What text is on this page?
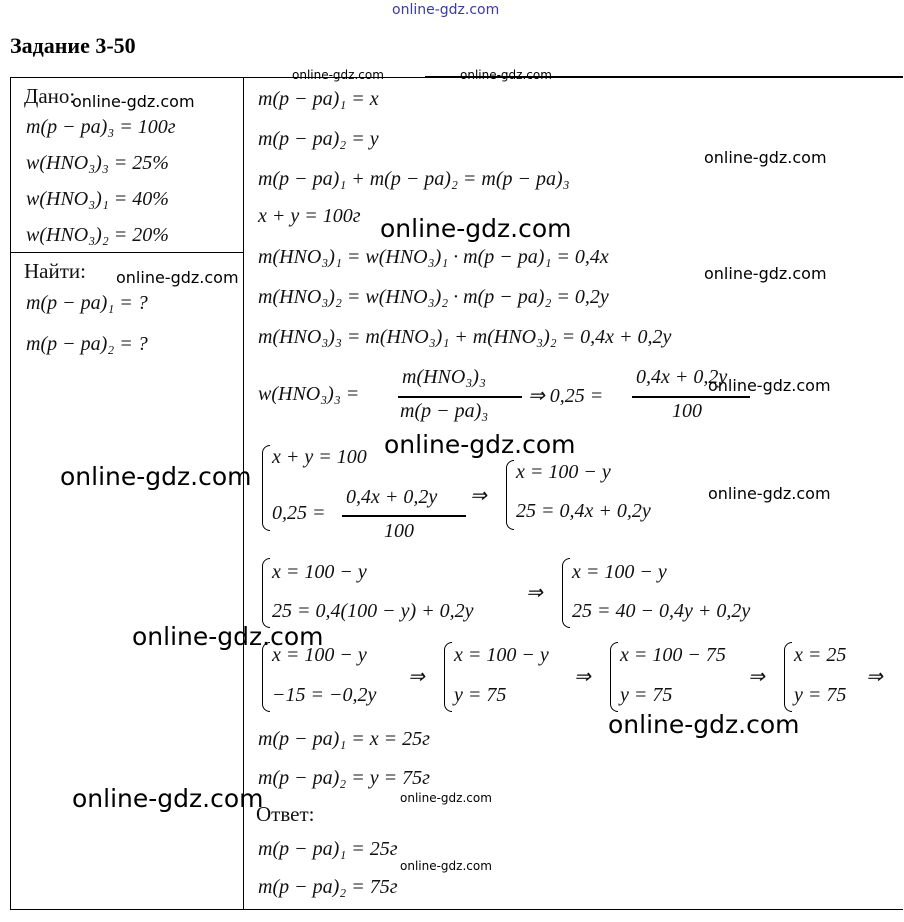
online-gdz.com
Задание 3-50
Дано:
m(p − pa)₃ = 100г
w(HNO₃)₃ = 25%
w(HNO₃)₁ = 40%
w(HNO₃)₂ = 20%
Найти:
m(p − pa)₁ = ?
m(p − pa)₂ = ?
m(p − pa)₁ = x
m(p − pa)₂ = y
m(p − pa)₁ + m(p − pa)₂ = m(p − pa)₃
x + y = 100г
m(HNO₃)₁ = w(HNO₃)₁ · m(p − pa)₁ = 0,4x
m(HNO₃)₂ = w(HNO₃)₂ · m(p − pa)₂ = 0,2y
m(HNO₃)₃ = m(HNO₃)₁ + m(HNO₃)₂ = 0,4x + 0,2y
w(HNO₃)₃ =
m(HNO₃)₃
m(p − pa)₃
⇒ 0,25 =
0,4x + 0,2y
100
x + y = 100
0,25 =
0,4x + 0,2y
100
⇒
x = 100 − y
25 = 0,4x + 0,2y
x = 100 − y
25 = 0,4(100 − y) + 0,2y
⇒
x = 100 − y
25 = 40 − 0,4y + 0,2y
x = 100 − y
−15 = −0,2y
⇒
x = 100 − y
y = 75
⇒
x = 100 − 75
y = 75
⇒
x = 25
y = 75
⇒
m(p − pa)₁ = x = 25г
m(p − pa)₂ = y = 75г
Ответ:
m(p − pa)₁ = 25г
m(p − pa)₂ = 75г
online-gdz.com	online-gdz.com
online-gdz.com
online-gdz.com
online-gdz.com
online-gdz.com
online-gdz.com
online-gdz.com
online-gdz.com
online-gdz.com
online-gdz.com
online-gdz.com
online-gdz.com
online-gdz.com	online-gdz.com
online-gdz.com
